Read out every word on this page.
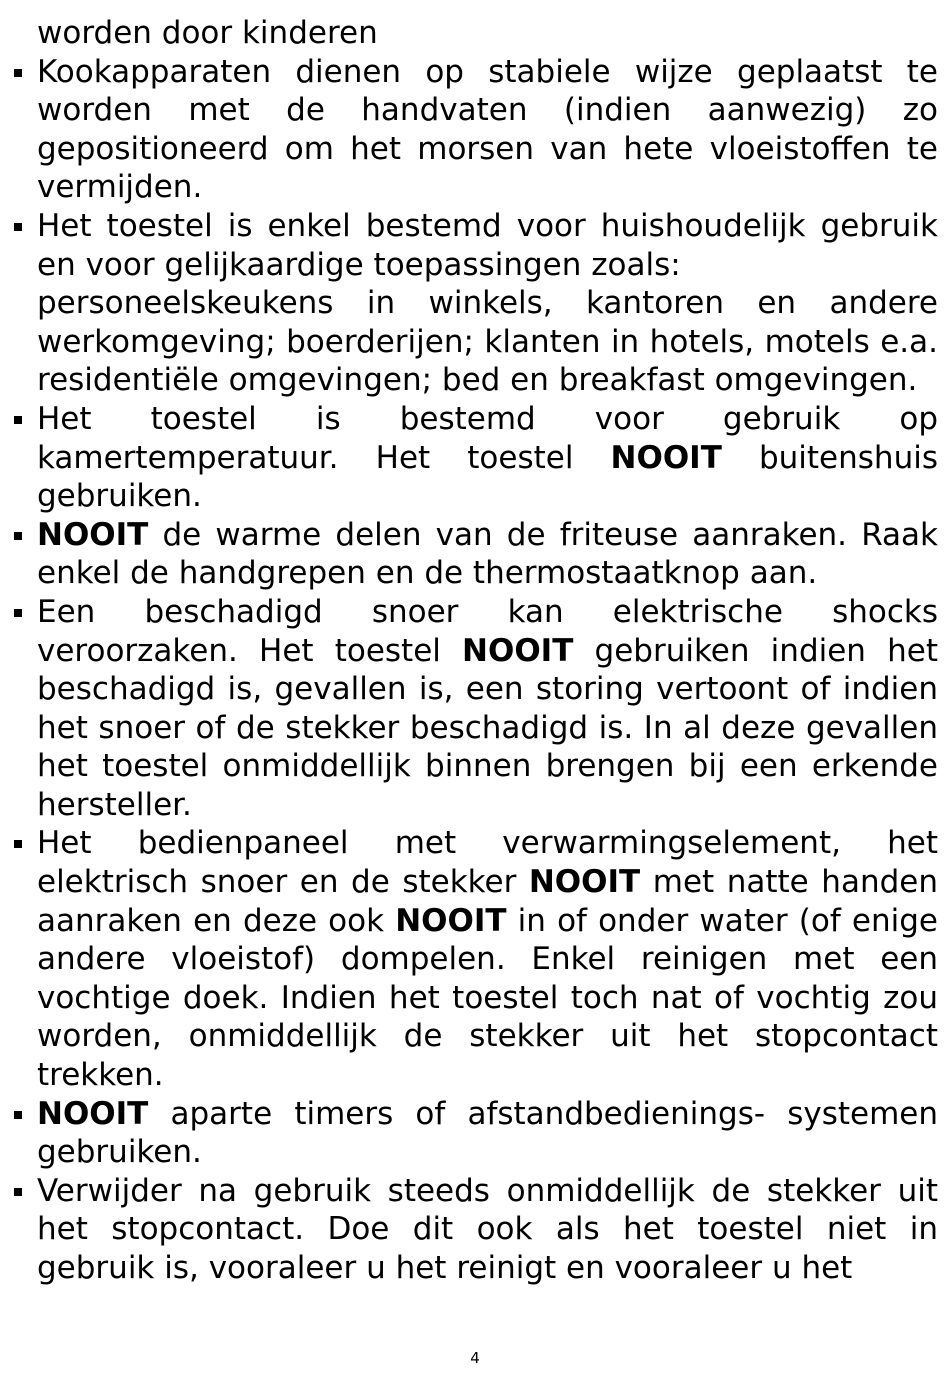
worden door kinderen

Kookapparaten dienen op stabiele wijze geplaatst te worden met de handvaten (indien aanwezig) zo gepositioneerd om het morsen van hete vloeistoffen te vermijden.
Het toestel is enkel bestemd voor huishoudelijk gebruik en voor gelijkaardige toepassingen zoals:
personeelskeukens in winkels, kantoren en andere werkomgeving; boerderijen; klanten in hotels, motels e.a. residentiële omgevingen; bed en breakfast omgevingen.
Het toestel is bestemd voor gebruik op kamertemperatuur. Het toestel NOOIT buitenshuis gebruiken.
NOOIT de warme delen van de friteuse aanraken. Raak enkel de handgrepen en de thermostaatknop aan.
Een beschadigd snoer kan elektrische shocks veroorzaken. Het toestel NOOIT gebruiken indien het beschadigd is, gevallen is, een storing vertoont of indien het snoer of de stekker beschadigd is. In al deze gevallen het toestel onmiddellijk binnen brengen bij een erkende hersteller.
Het bedienpaneel met verwarmingselement, het elektrisch snoer en de stekker NOOIT met natte handen aanraken en deze ook NOOIT in of onder water (of enige andere vloeistof) dompelen. Enkel reinigen met een vochtige doek. Indien het toestel toch nat of vochtig zou worden, onmiddellijk de stekker uit het stopcontact trekken.
NOOIT aparte timers of afstandbedienings- systemen gebruiken.
Verwijder na gebruik steeds onmiddellijk de stekker uit het stopcontact. Doe dit ook als het toestel niet in gebruik is, vooraleer u het reinigt en vooraleer u het
4
